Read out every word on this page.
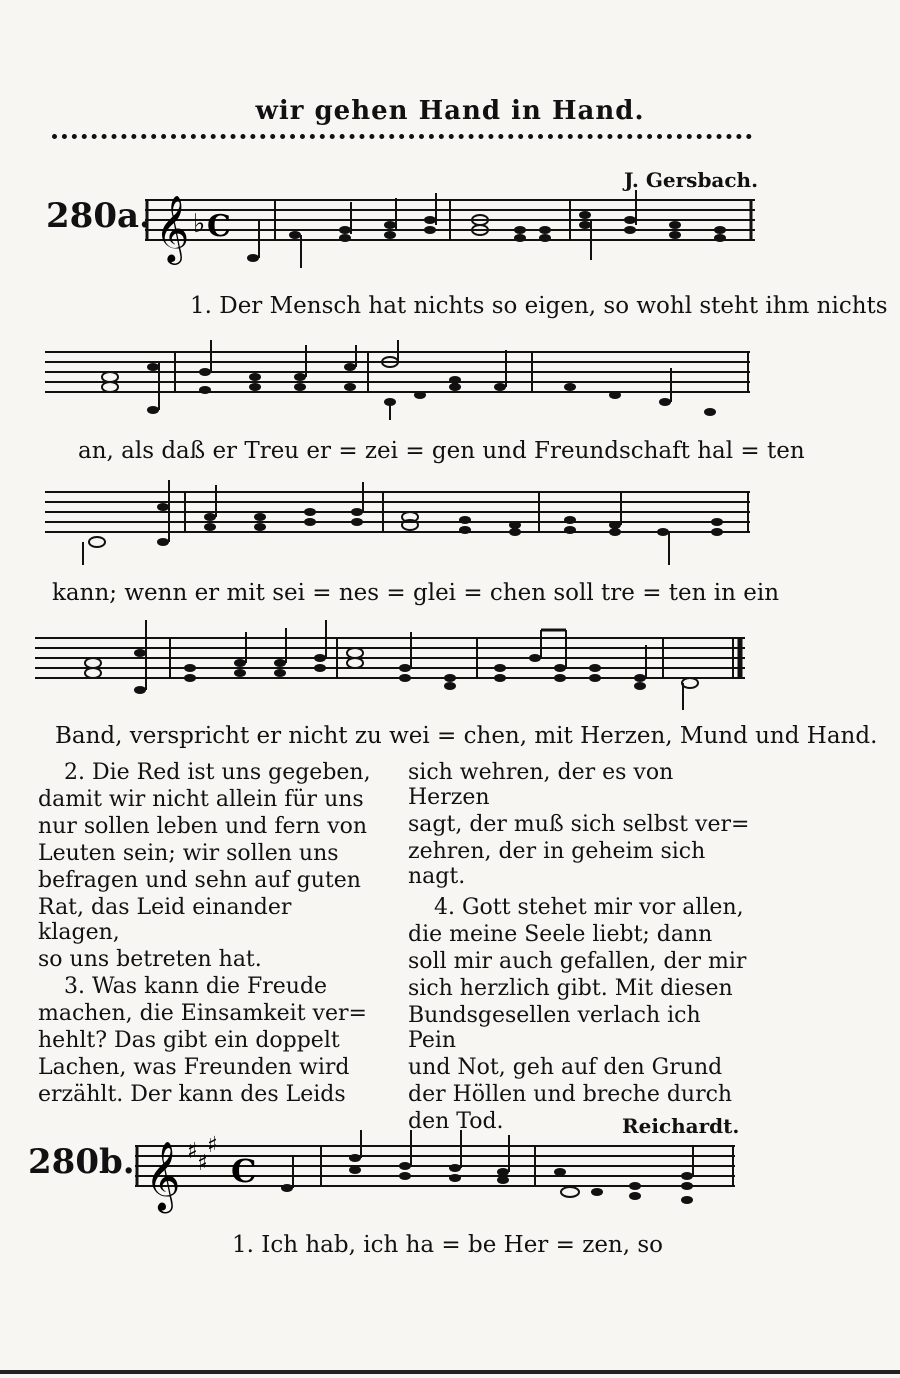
wir gehen Hand in Hand.
280a.
J. Gersbach.
𝄞 ♭ C
1. Der Mensch hat nichts so eigen, so wohl steht ihm nichts
an, als daß er Treu er = zei = gen und Freundschaft hal = ten
kann; wenn er mit sei = nes = glei = chen soll tre = ten in ein
Band, verspricht er nicht zu wei = chen, mit Herzen, Mund und Hand.

2. Die Red ist uns gegeben,

damit wir nicht allein für uns

nur sollen leben und fern von

Leuten sein; wir sollen uns

befragen und sehn auf guten

Rat, das Leid einander klagen,

so uns betreten hat.

3. Was kann die Freude

machen, die Einsamkeit ver=

hehlt? Das gibt ein doppelt

Lachen, was Freunden wird

erzählt. Der kann des Leids

sich wehren, der es von Herzen

sagt, der muß sich selbst ver=

zehren, der in geheim sich nagt.

4. Gott stehet mir vor allen,

die meine Seele liebt; dann

soll mir auch gefallen, der mir

sich herzlich gibt. Mit diesen

Bundsgesellen verlach ich Pein

und Not, geh auf den Grund

der Höllen und breche durch

den Tod.

280b.
Reichardt.
𝄞 ♯ ♯
♯
C
1. Ich hab, ich ha = be Her = zen, so
